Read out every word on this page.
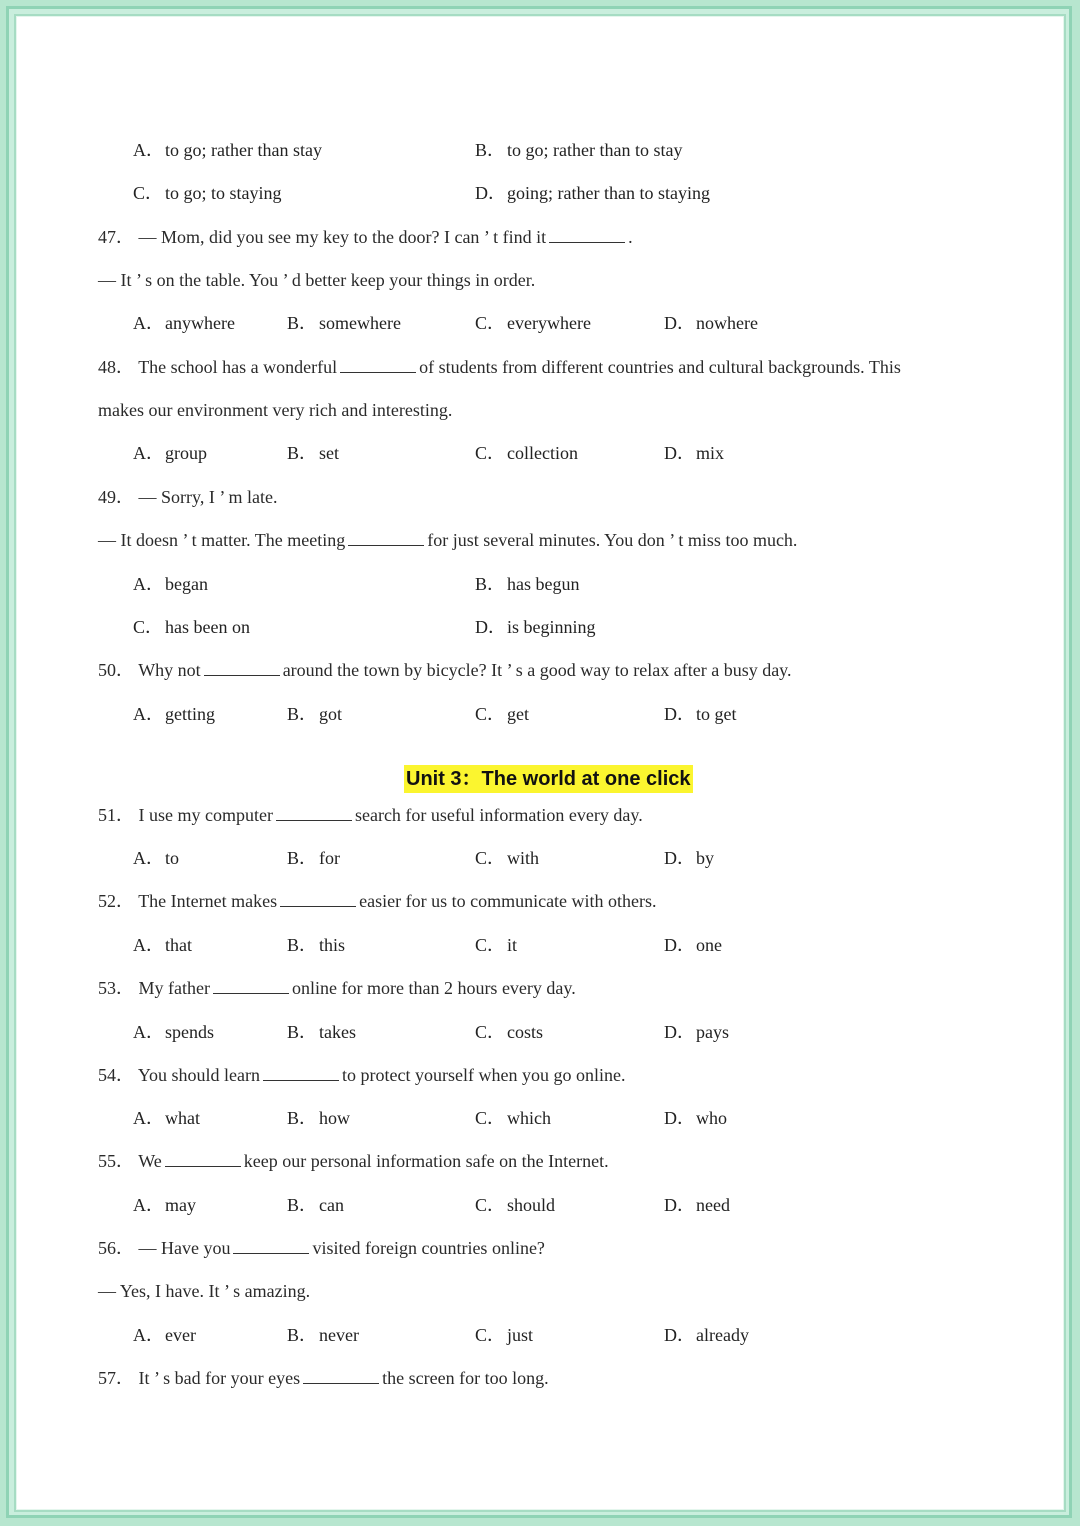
A．to go; rather than stay	B． to go; rather than to stay
C． to go; to staying	D．going; rather than to staying
47． — Mom, did you see my key to the door? I can ’ t find it	.
— It ’ s on the table. You ’ d better keep your things in order.
A．anywhere	B． somewhere	C． everywhere	D．nowhere
48． The school has a wonderful	of students from different countries and cultural backgrounds. This
makes our environment very rich and interesting.
A．group	B． set	C． collection	D．mix
49． — Sorry, I ’ m late.
— It doesn ’ t matter. The meeting	for just several minutes. You don ’ t miss too much.
A．began	B． has begun
C． has been on	D．is beginning
50． Why not	around the town by bicycle? It ’ s a good way to relax after a busy day.
A．getting	B． got	C． get	D．to get
Unit 3：The world at one click
51． I use my computer	search for useful information every day.
A．to	B． for	C． with	D．by
52． The Internet makes	easier for us to communicate with others.
A．that	B． this	C． it	D．one
53． My father	online for more than 2 hours every day.
A．spends	B． takes	C． costs	D．pays
54． You should learn	to protect yourself when you go online.
A．what	B． how	C． which	D．who
55． We	keep our personal information safe on the Internet.
A．may	B． can	C． should	D．need
56． — Have you	visited foreign countries online?
— Yes, I have. It ’ s amazing.
A．ever	B． never	C． just	D．already
57． It ’ s bad for your eyes	the screen for too long.
